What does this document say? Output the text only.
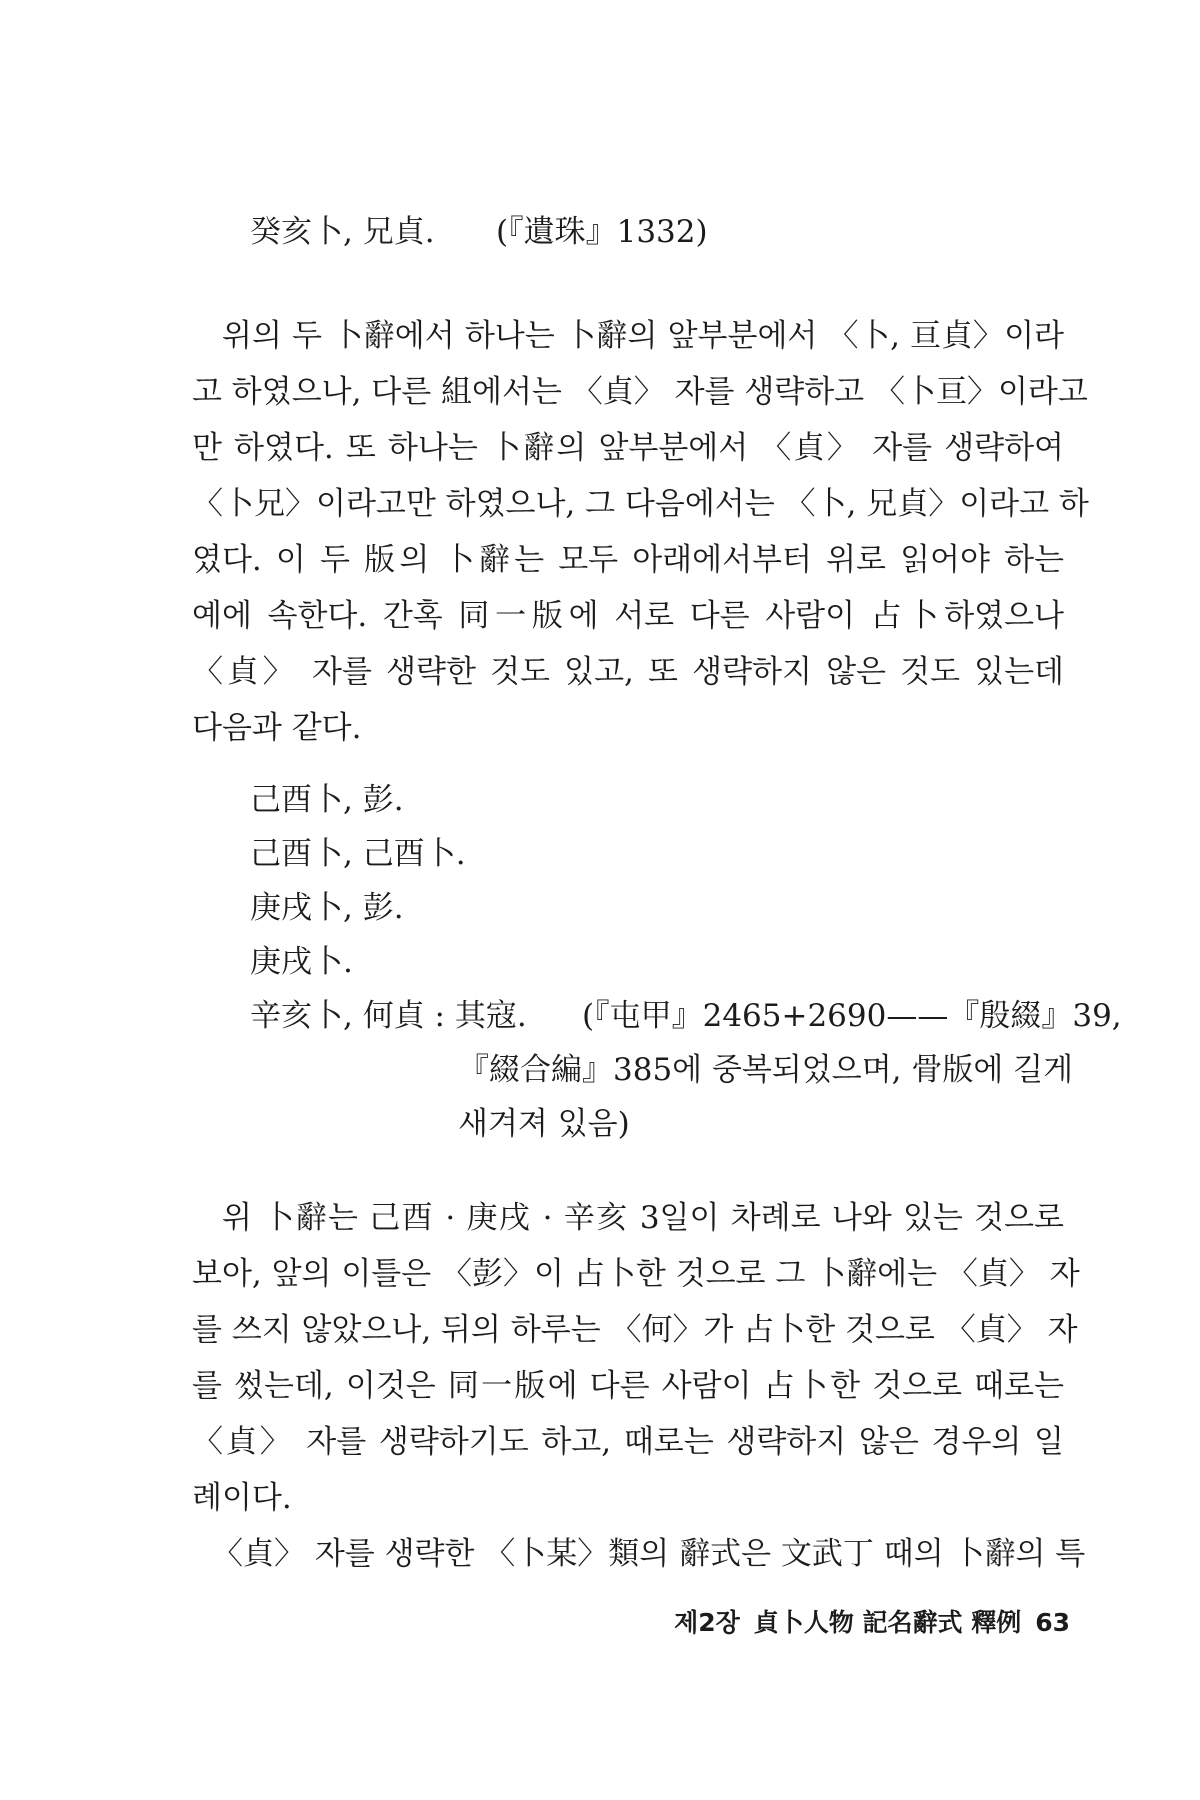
癸亥卜, 兄貞. (『遺珠』1332)
위의 두 卜辭에서 하나는 卜辭의 앞부분에서 〈卜, 亘貞〉이라
고 하였으나, 다른 組에서는 〈貞〉 자를 생략하고 〈卜亘〉이라고
만 하였다. 또 하나는 卜辭의 앞부분에서 〈貞〉 자를 생략하여
〈卜兄〉이라고만 하였으나, 그 다음에서는 〈卜, 兄貞〉이라고 하
였다. 이 두 版의 卜辭는 모두 아래에서부터 위로 읽어야 하는
예에 속한다. 간혹 同一版에 서로 다른 사람이 占卜하였으나
〈貞〉 자를 생략한 것도 있고, 또 생략하지 않은 것도 있는데
다음과 같다.
己酉卜, 彭.
己酉卜, 己酉卜.
庚戌卜, 彭.
庚戌卜.
辛亥卜, 何貞 : 其寇. (『屯甲』2465+2690——『殷綴』39,
『綴合編』385에 중복되었으며, 骨版에 길게
새겨져 있음)
위 卜辭는 己酉 · 庚戌 · 辛亥 3일이 차례로 나와 있는 것으로
보아, 앞의 이틀은 〈彭〉이 占卜한 것으로 그 卜辭에는 〈貞〉 자
를 쓰지 않았으나, 뒤의 하루는 〈何〉가 占卜한 것으로 〈貞〉 자
를 썼는데, 이것은 同一版에 다른 사람이 占卜한 것으로 때로는
〈貞〉 자를 생략하기도 하고, 때로는 생략하지 않은 경우의 일
례이다.
〈貞〉 자를 생략한 〈卜某〉類의 辭式은 文武丁 때의 卜辭의 특
제2장 貞卜人物 記名辭式 釋例 63
